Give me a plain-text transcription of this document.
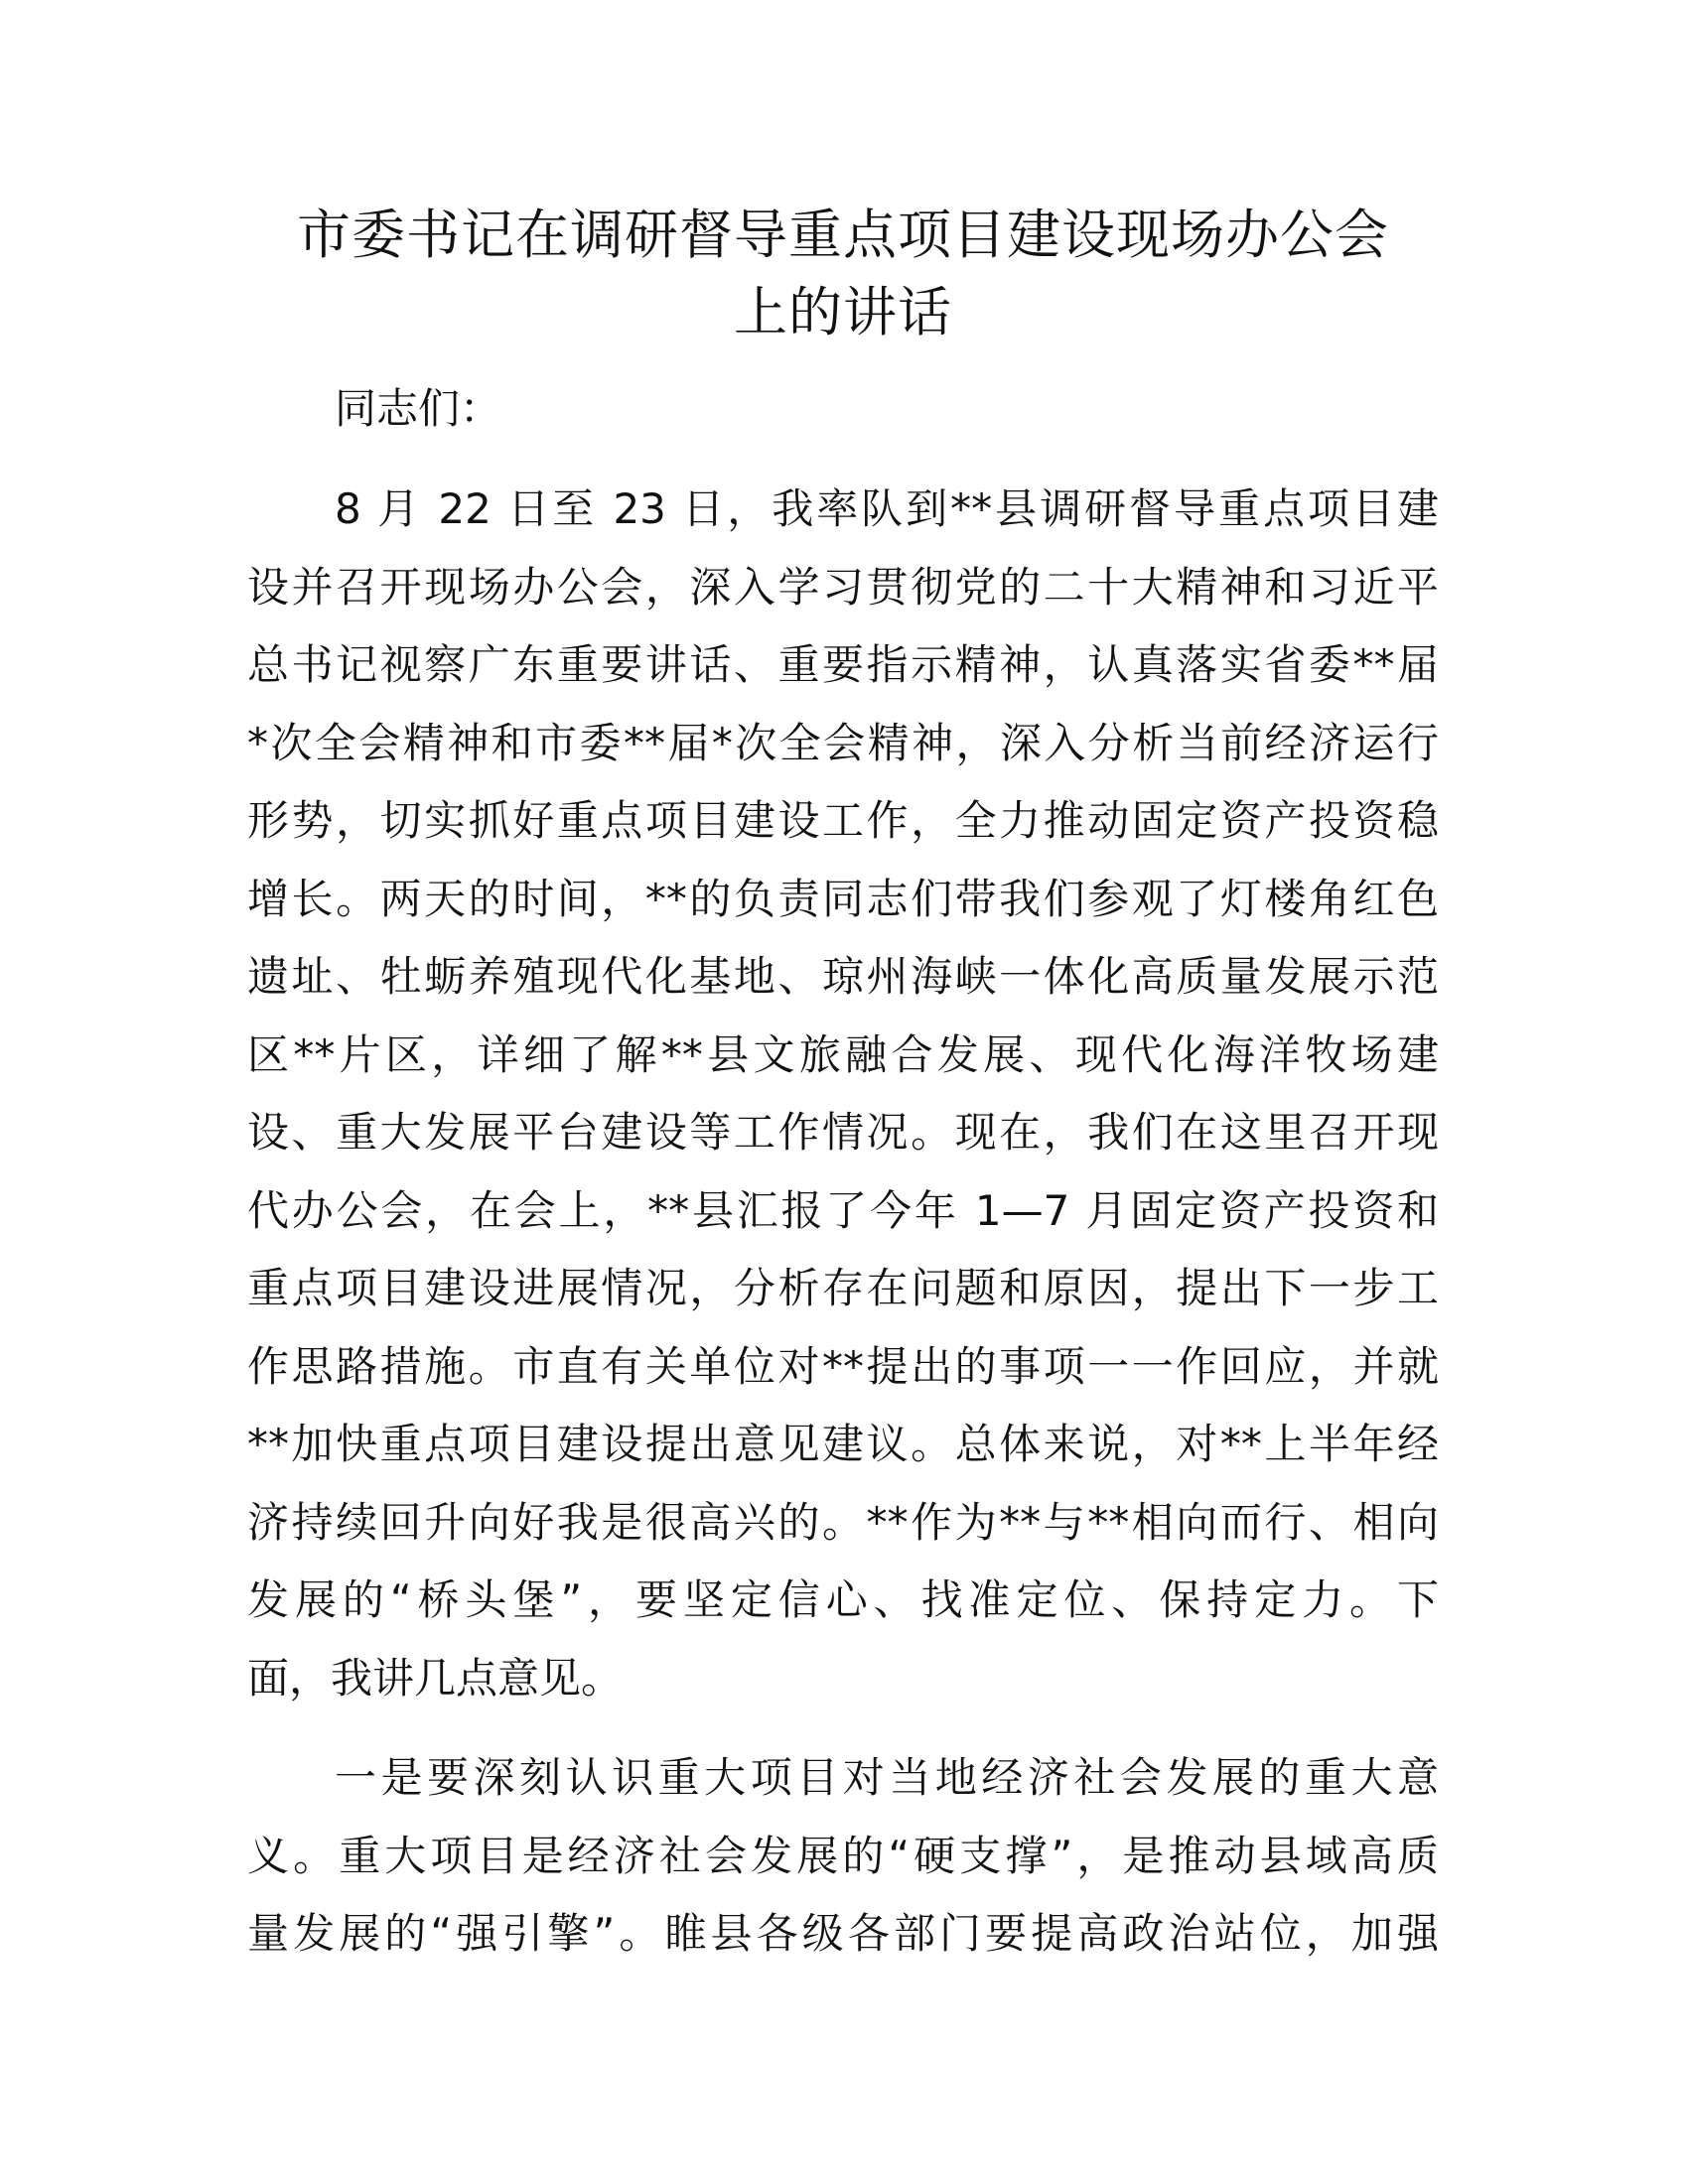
市委书记在调研督导重点项目建设现场办公会
上的讲话

同志们：

8 月 22 日至 23 日，我率队到**县调研督导重点项目建
设并召开现场办公会，深入学习贯彻党的二十大精神和习近平
总书记视察广东重要讲话、重要指示精神，认真落实省委**届
*次全会精神和市委**届*次全会精神，深入分析当前经济运行
形势，切实抓好重点项目建设工作，全力推动固定资产投资稳
增长。两天的时间，**的负责同志们带我们参观了灯楼角红色
遗址、牡蛎养殖现代化基地、琼州海峡一体化高质量发展示范
区**片区，详细了解**县文旅融合发展、现代化海洋牧场建
设、重大发展平台建设等工作情况。现在，我们在这里召开现
代办公会，在会上，**县汇报了今年 1—7 月固定资产投资和
重点项目建设进展情况，分析存在问题和原因，提出下一步工
作思路措施。市直有关单位对**提出的事项一一作回应，并就
**加快重点项目建设提出意见建议。总体来说，对**上半年经
济持续回升向好我是很高兴的。**作为**与**相向而行、相向
发展的“桥头堡”，要坚定信心、找准定位、保持定力。下
面，我讲几点意见。

一是要深刻认识重大项目对当地经济社会发展的重大意
义。重大项目是经济社会发展的“硬支撑”，是推动县域高质
量发展的“强引擎”。睢县各级各部门要提高政治站位，加强
